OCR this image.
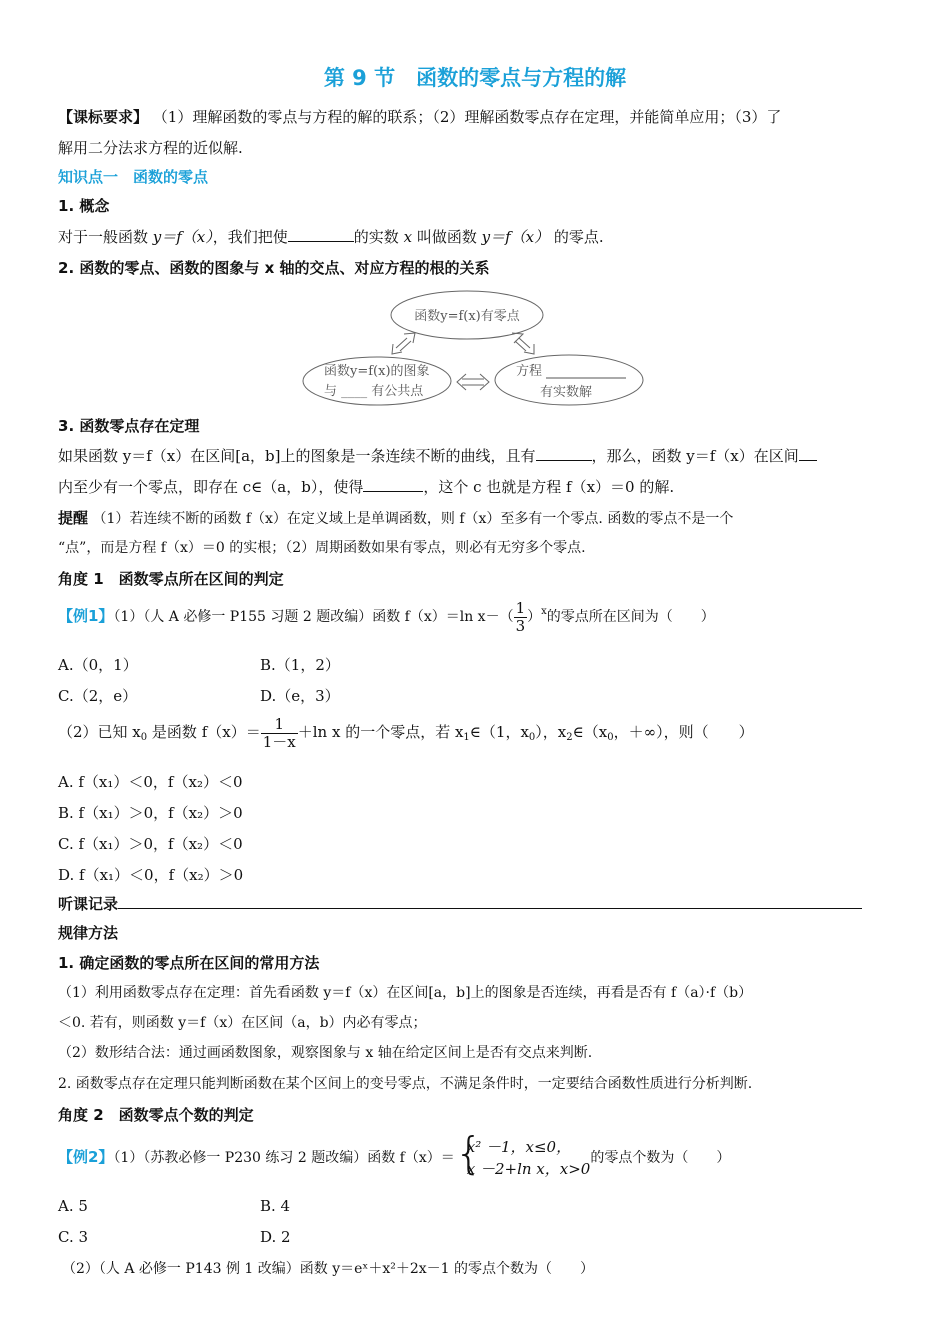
第 9 节　函数的零点与方程的解
【课标要求】 （1）理解函数的零点与方程的解的联系；（2）理解函数零点存在定理，并能简单应用；（3）了
解用二分法求方程的近似解.
知识点一　函数的零点
1. 概念
对于一般函数 y＝f（x），我们把使	的实数 x 叫做函数 y＝f（x） 的零点.
2. 函数的零点、函数的图象与 x 轴的交点、对应方程的根的关系
函数y=f(x)有零点
函数y=f(x)的图象
与 ____ 有公共点
方程
有实数解
3. 函数零点存在定理
如果函数 y＝f（x）在区间[a，b]上的图象是一条连续不断的曲线，且有	，那么，函数 y＝f（x）在区间
内至少有一个零点，即存在 c∈（a，b），使得	，这个 c 也就是方程 f（x）＝0 的解.
提醒 （1）若连续不断的函数 f（x）在定义域上是单调函数，则 f（x）至多有一个零点. 函数的零点不是一个
“点”，而是方程 f（x）＝0 的实根；（2）周期函数如果有零点，则必有无穷多个零点.
角度 1　函数零点所在区间的判定
【例1】（1）（人 A 必修一 P155 习题 2 题改编）函数 f（x）＝ln $x-( \frac{1}{3} )^x$的零点所在区间为（　　）
A.（0，1）	B.（1，2）
C.（2，e）	D.（e，3）
（2）已知 $x_0$ 是函数 $f(x)= \frac{1}{1-x} +\ln$ x 的一个零点，若 $x_1\in(1$，$x_0$），$x_2\in(x_0$，＋∞），则（　　）
A. f（x₁）＜0，f（x₂）＜0
B. f（x₁）＞0，f（x₂）＞0
C. f（x₁）＞0，f（x₂）＜0
D. f（x₁）＜0，f（x₂）＞0
听课记录
规律方法
1. 确定函数的零点所在区间的常用方法
（1）利用函数零点存在定理：首先看函数 y＝f（x）在区间[a，b]上的图象是否连续，再看是否有 f（a）·f（b）
＜0. 若有，则函数 y＝f（x）在区间（a，b）内必有零点；
（2）数形结合法：通过画函数图象，观察图象与 x 轴在给定区间上是否有交点来判断.
2. 函数零点存在定理只能判断函数在某个区间上的变号零点，不满足条件时，一定要结合函数性质进行分析判断.
角度 2　函数零点个数的判定
【例2】（1）（苏教必修一 P230 练习 2 题改编）函数 f（x）＝ {
x² －1，x≤0，
x －2+ln x，x>0
的零点个数为（　　）
A. 5	B. 4
C. 3	D. 2
（2）（人 A 必修一 P143 例 1 改编）函数 y＝eˣ＋x²＋2x－1 的零点个数为（　　）
